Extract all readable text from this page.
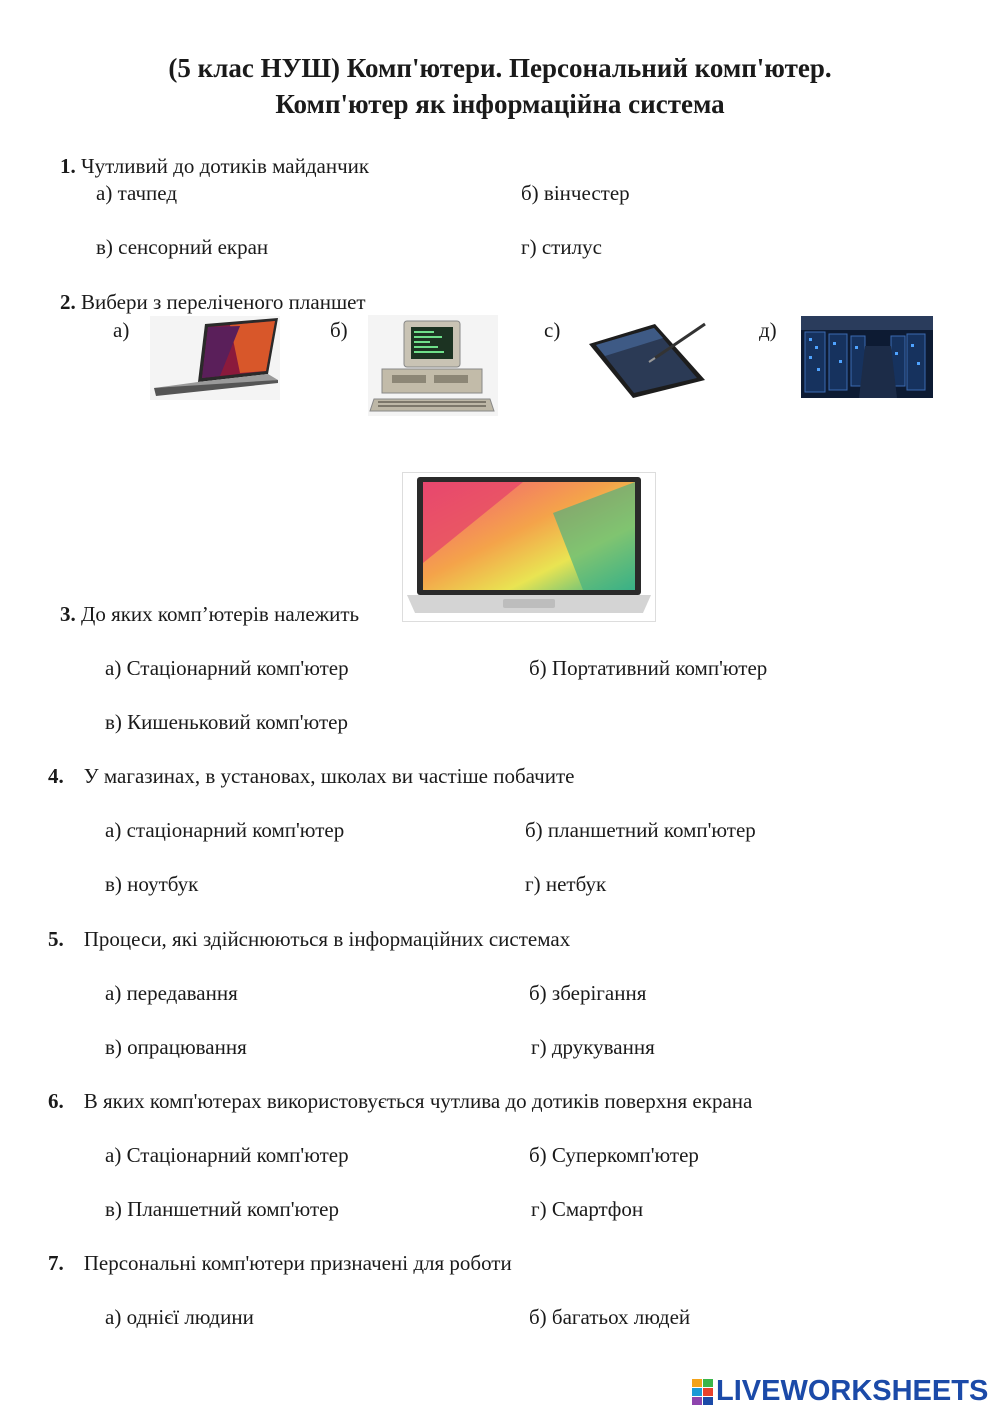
(5 клас НУШ) Комп'ютери. Персональний комп'ютер.
Комп'ютер як інформаційна система
1. Чутливий до дотиків майданчик
а) тачпед	б) вінчестер
в) сенсорний екран	г) стилус
2. Вибери з переліченого планшет
а)	б)	с)	д)
3. До яких комп’ютерів належить
а) Стаціонарний комп'ютер	б) Портативний комп'ютер
в) Кишеньковий комп'ютер
4. У магазинах, в установах, школах ви частіше побачите
а) стаціонарний комп'ютер	б) планшетний комп'ютер
в) ноутбук	г) нетбук
5. Процеси, які здійснюються в інформаційних системах
а) передавання	б) зберігання
в) опрацювання	г) друкування
6. В яких комп'ютерах використовується чутлива до дотиків поверхня екрана
а) Стаціонарний комп'ютер	б) Суперкомп'ютер
в) Планшетний комп'ютер	г) Смартфон
7. Персональні комп'ютери призначені для роботи
а) однієї людини	б) багатьох людей
LIVEWORKSHEETS
